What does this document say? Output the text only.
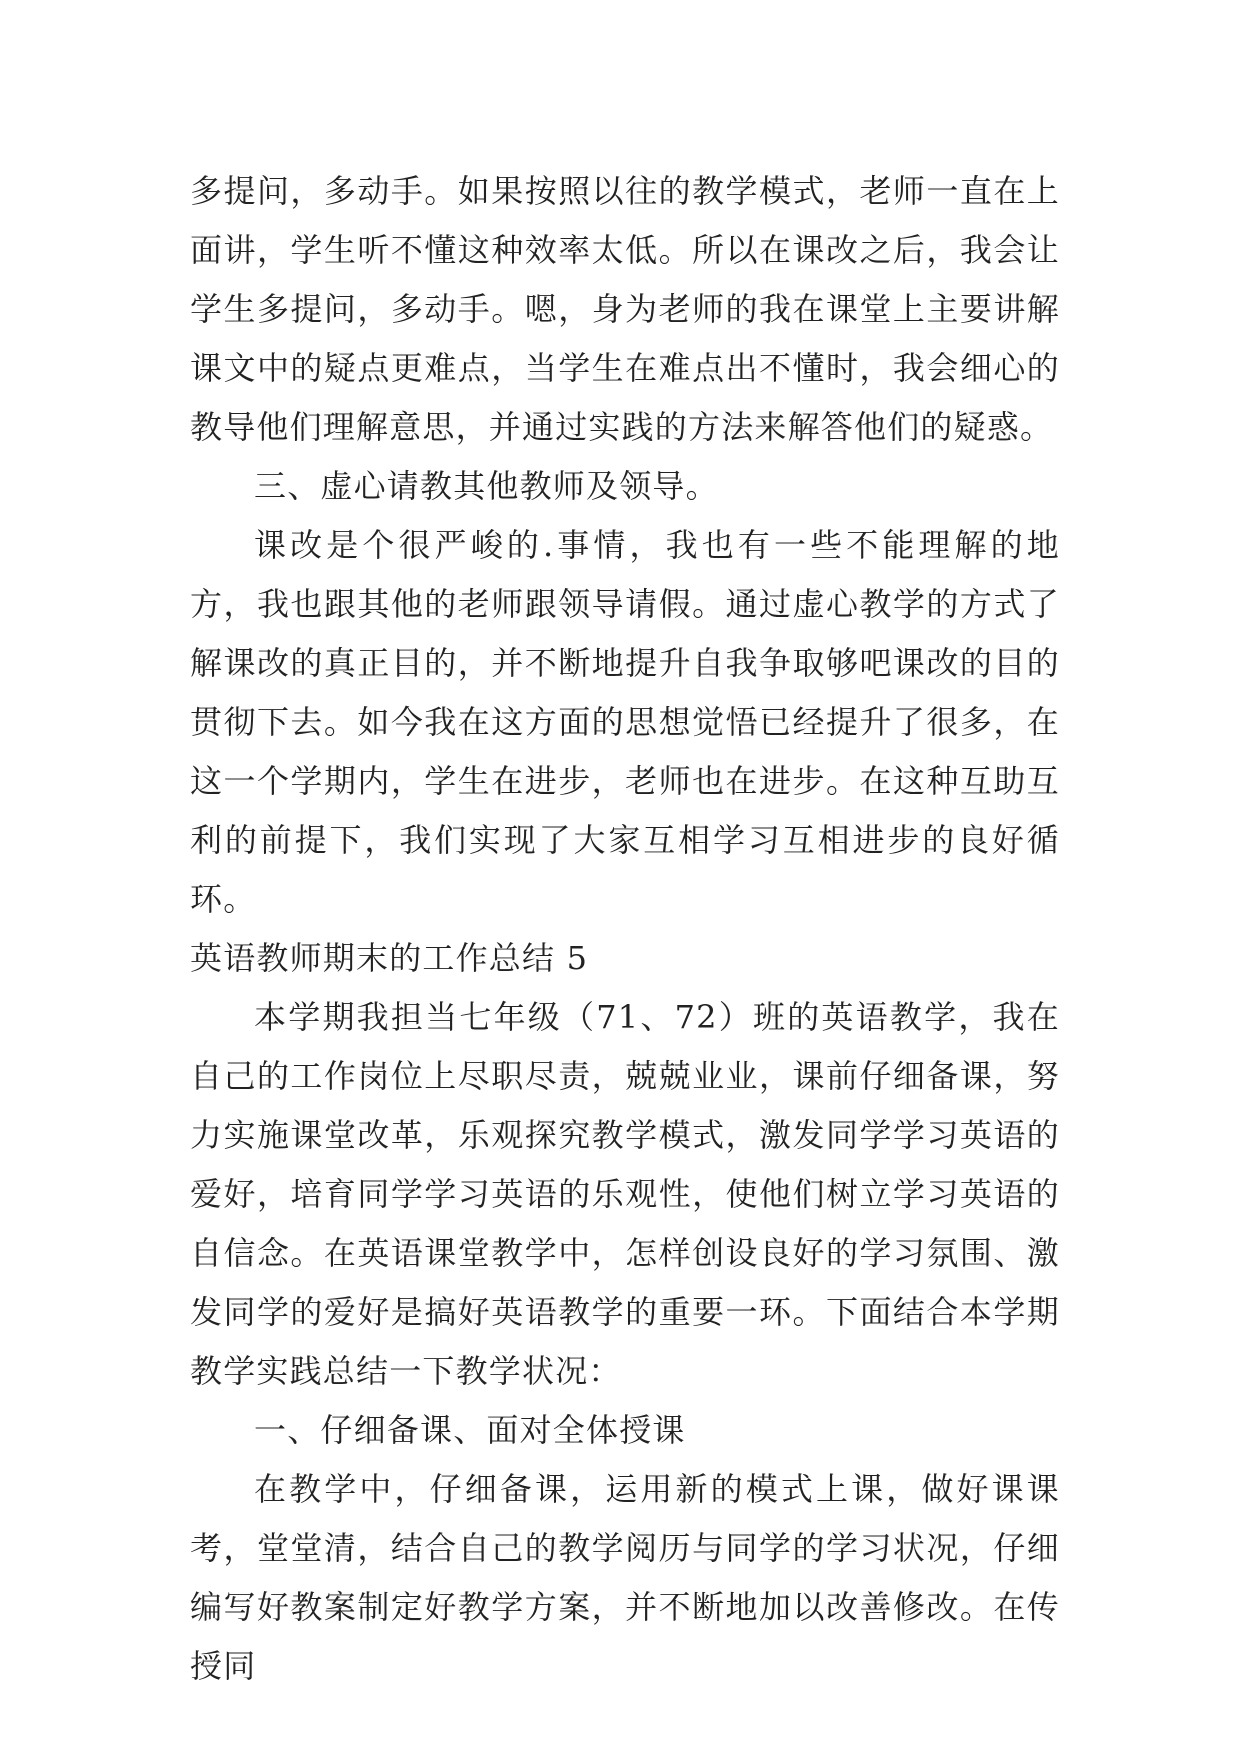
多提问，多动手。如果按照以往的教学模式，老师一直在上面讲，学生听不懂这种效率太低。所以在课改之后，我会让学生多提问，多动手。嗯，身为老师的我在课堂上主要讲解课文中的疑点更难点，当学生在难点出不懂时，我会细心的教导他们理解意思，并通过实践的方法来解答他们的疑惑。

三、虚心请教其他教师及领导。

课改是个很严峻的.事情，我也有一些不能理解的地方，我也跟其他的老师跟领导请假。通过虚心教学的方式了解课改的真正目的，并不断地提升自我争取够吧课改的目的贯彻下去。如今我在这方面的思想觉悟已经提升了很多，在这一个学期内，学生在进步，老师也在进步。在这种互助互利的前提下，我们实现了大家互相学习互相进步的良好循环。

英语教师期末的工作总结 5

本学期我担当七年级（71、72）班的英语教学，我在自己的工作岗位上尽职尽责，兢兢业业，课前仔细备课，努力实施课堂改革，乐观探究教学模式，激发同学学习英语的爱好，培育同学学习英语的乐观性，使他们树立学习英语的自信念。在英语课堂教学中，怎样创设良好的学习氛围、激发同学的爱好是搞好英语教学的重要一环。下面结合本学期教学实践总结一下教学状况：

一、仔细备课、面对全体授课

在教学中，仔细备课，运用新的模式上课，做好课课考，堂堂清，结合自己的教学阅历与同学的学习状况，仔细编写好教案制定好教学方案，并不断地加以改善修改。在传授同
